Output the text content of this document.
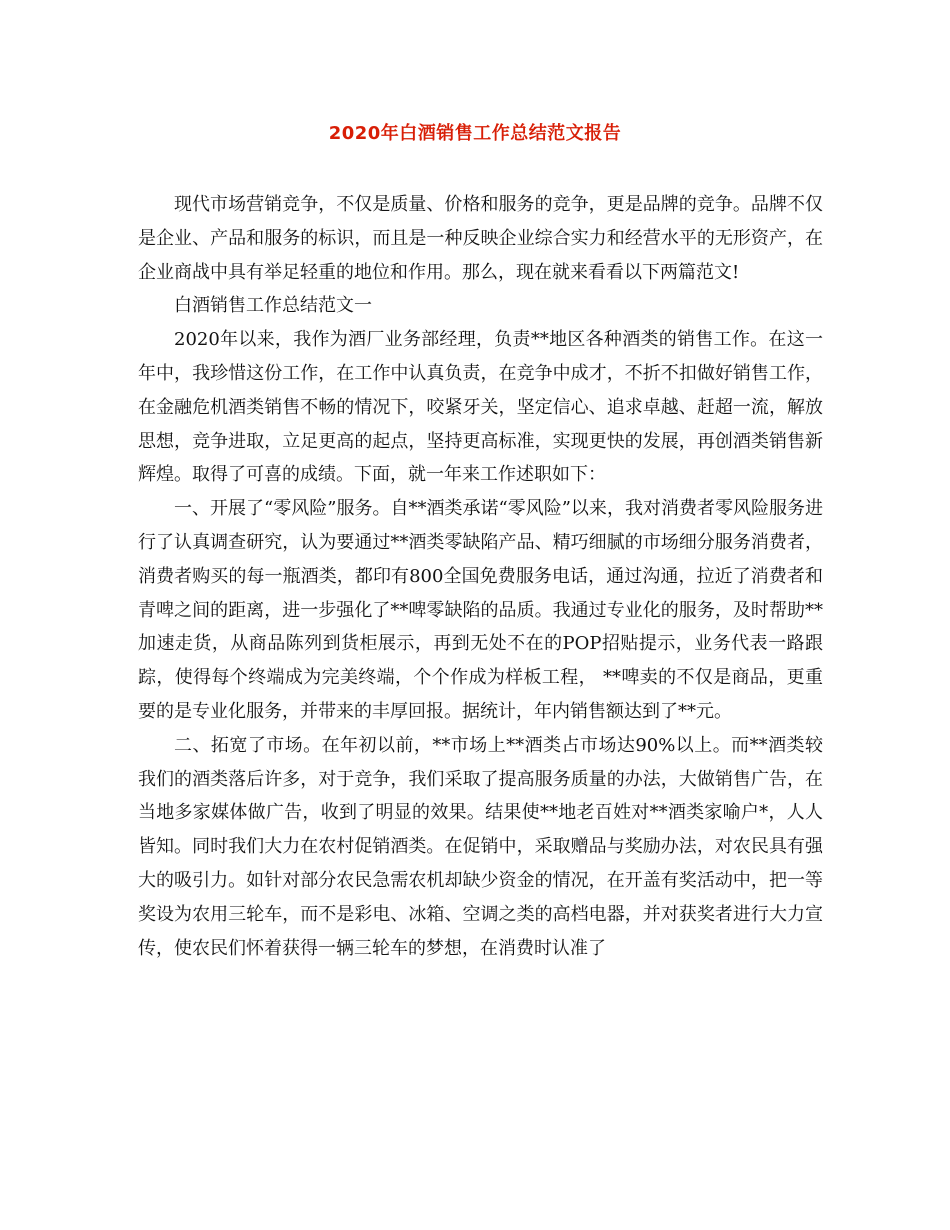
2020年白酒销售工作总结范文报告

现代市场营销竞争，不仅是质量、价格和服务的竞争，更是品牌的竞争。品牌不仅是企业、产品和服务的标识，而且是一种反映企业综合实力和经营水平的无形资产，在企业商战中具有举足轻重的地位和作用。那么，现在就来看看以下两篇范文!

白酒销售工作总结范文一

2020年以来，我作为酒厂业务部经理，负责**地区各种酒类的销售工作。在这一年中，我珍惜这份工作，在工作中认真负责，在竞争中成才，不折不扣做好销售工作，在金融危机酒类销售不畅的情况下，咬紧牙关，坚定信心、追求卓越、赶超一流，解放思想，竞争进取，立足更高的起点，坚持更高标准，实现更快的发展，再创酒类销售新辉煌。取得了可喜的成绩。下面，就一年来工作述职如下：

一、开展了“零风险”服务。自**酒类承诺“零风险”以来，我对消费者零风险服务进行了认真调查研究，认为要通过**酒类零缺陷产品、精巧细腻的市场细分服务消费者，消费者购买的每一瓶酒类，都印有800全国免费服务电话，通过沟通，拉近了消费者和青啤之间的距离，进一步强化了**啤零缺陷的品质。我通过专业化的服务，及时帮助**加速走货，从商品陈列到货柜展示，再到无处不在的POP招贴提示，业务代表一路跟踪，使得每个终端成为完美终端，个个作成为样板工程， **啤卖的不仅是商品，更重要的是专业化服务，并带来的丰厚回报。据统计，年内销售额达到了**元。

二、拓宽了市场。在年初以前，**市场上**酒类占市场达90%以上。而**酒类较我们的酒类落后许多，对于竞争，我们采取了提高服务质量的办法，大做销售广告，在当地多家媒体做广告，收到了明显的效果。结果使**地老百姓对**酒类家喻户*，人人皆知。同时我们大力在农村促销酒类。在促销中，采取赠品与奖励办法，对农民具有强大的吸引力。如针对部分农民急需农机却缺少资金的情况，在开盖有奖活动中，把一等奖设为农用三轮车，而不是彩电、冰箱、空调之类的高档电器，并对获奖者进行大力宣传，使农民们怀着获得一辆三轮车的梦想，在消费时认准了
